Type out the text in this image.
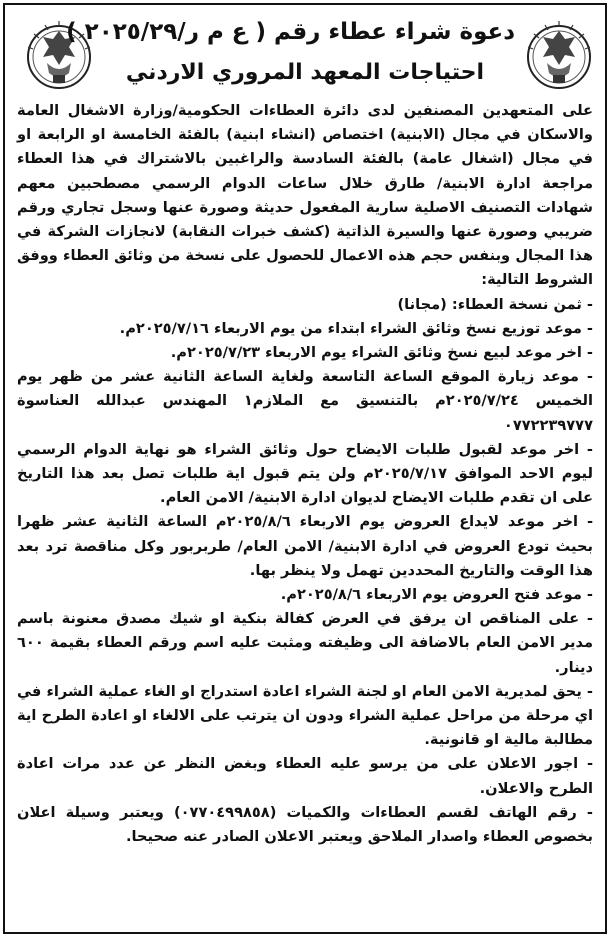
دعوة شراء عطاء رقم ( ع م ر/٢٠٢٥/٢٩ )
احتياجات المعهد المروري الاردني

على المتعهدين المصنفين لدى دائرة العطاءات الحكومية/وزارة الاشغال العامة والاسكان في مجال (الابنية) اختصاص (انشاء ابنية) بالفئة الخامسة او الرابعة او في مجال (اشغال عامة) بالفئة السادسة والراغبين بالاشتراك في هذا العطاء مراجعة ادارة الابنية/ طارق خلال ساعات الدوام الرسمي مصطحبين معهم شهادات التصنيف الاصلية سارية المفعول حديثة وصورة عنها وسجل تجاري ورقم ضريبي وصورة عنها والسيرة الذاتية (كشف خبرات النقابة) لانجازات الشركة في هذا المجال وبنفس حجم هذه الاعمال للحصول على نسخة من وثائق العطاء ووفق الشروط التالية:

- ثمن نسخة العطاء: (مجانا)

- موعد توزيع نسخ وثائق الشراء ابتداء من يوم الاربعاء ٢٠٢٥/٧/١٦م.

- اخر موعد لبيع نسخ وثائق الشراء يوم الاربعاء ٢٠٢٥/٧/٢٣م.

- موعد زيارة الموقع الساعة التاسعة ولغاية الساعة الثانية عشر من ظهر يوم الخميس ٢٠٢٥/٧/٢٤م بالتنسيق مع الملازم١ المهندس عبدالله العناسوة ٠٧٧٢٢٣٩٧٧٧

- اخر موعد لقبول طلبات الايضاح حول وثائق الشراء هو نهاية الدوام الرسمي ليوم الاحد الموافق ٢٠٢٥/٧/١٧م ولن يتم قبول اية طلبات تصل بعد هذا التاريخ على ان تقدم طلبات الايضاح لديوان ادارة الابنية/ الامن العام.

- اخر موعد لايداع العروض يوم الاربعاء ٢٠٢٥/٨/٦م الساعة الثانية عشر ظهرا بحيث تودع العروض في ادارة الابنية/ الامن العام/ طربربور وكل مناقصة ترد بعد هذا الوقت والتاريخ المحددين تهمل ولا ينظر بها.

- موعد فتح العروض يوم الاربعاء ٢٠٢٥/٨/٦م.

- على المناقص ان يرفق في العرض كفالة بنكية او شيك مصدق معنونة باسم مدير الامن العام بالاضافة الى وظيفته ومثبت عليه اسم ورقم العطاء بقيمة ٦٠٠ دينار.

- يحق لمديرية الامن العام او لجنة الشراء اعادة استدراج او الغاء عملية الشراء في اي مرحلة من مراحل عملية الشراء ودون ان يترتب على الالغاء او اعادة الطرح اية مطالبة مالية او قانونية.

- اجور الاعلان على من يرسو عليه العطاء وبغض النظر عن عدد مرات اعادة الطرح والاعلان.

- رقم الهاتف لقسم العطاءات والكميات (٠٧٧٠٤٩٩٨٥٨) ويعتبر وسيلة اعلان بخصوص العطاء واصدار الملاحق ويعتبر الاعلان الصادر عنه صحيحا.
